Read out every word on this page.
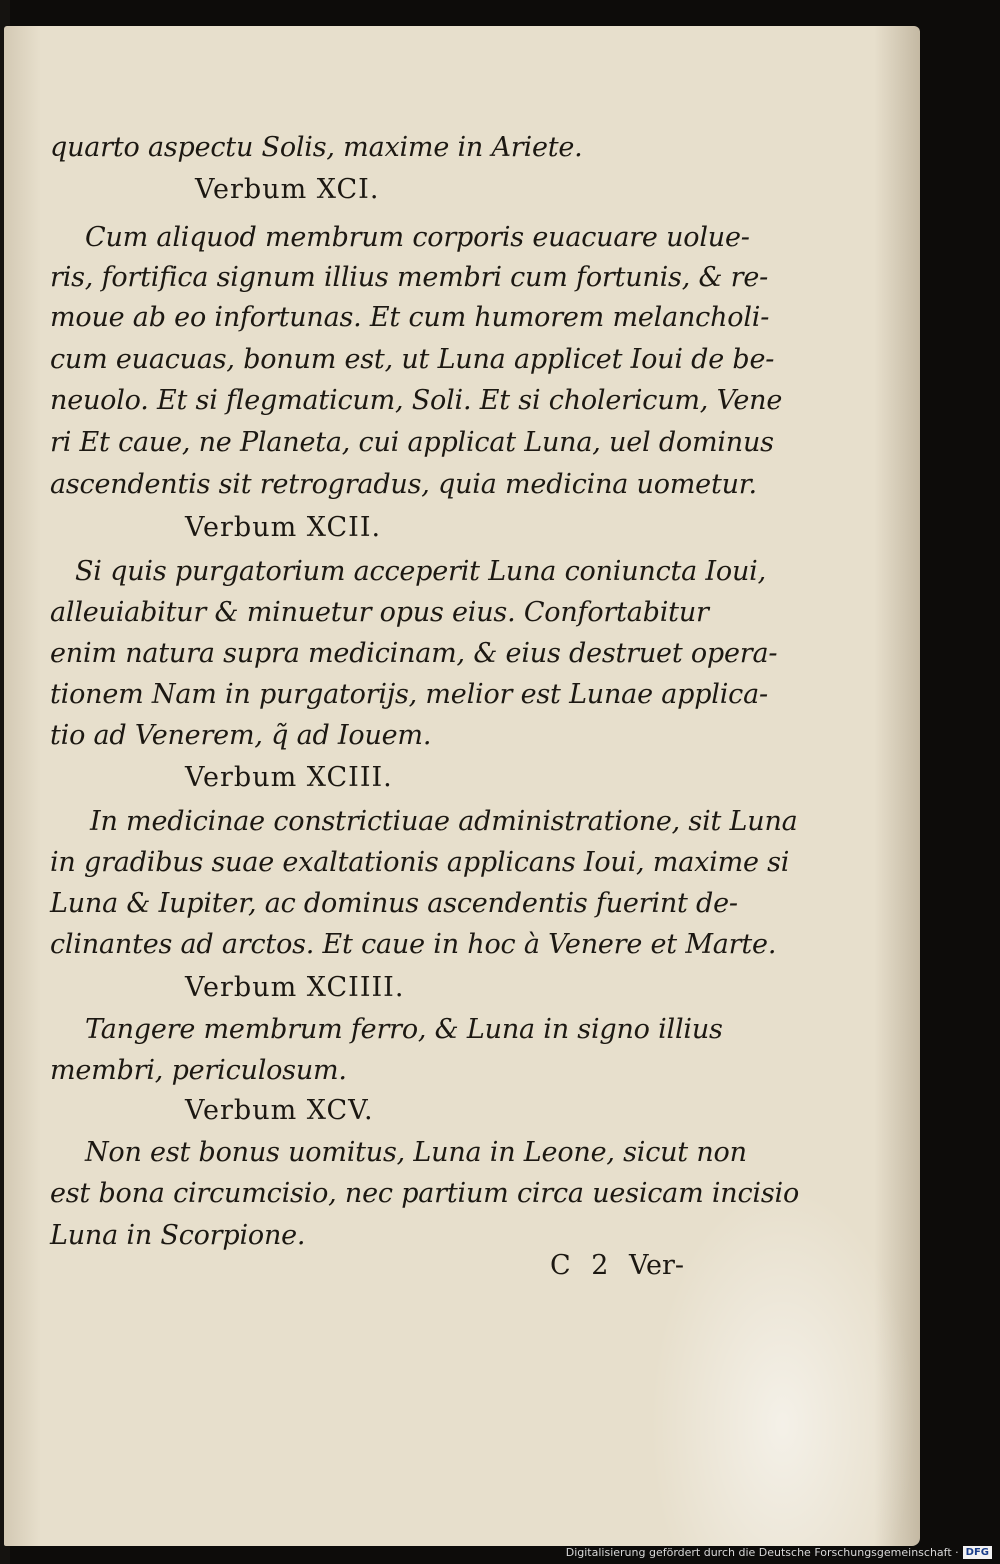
quarto aspectu Solis, maxime in Ariete.
Verbum XCI.
Cum aliquod membrum corporis euacuare uolue-
ris, fortifica signum illius membri cum fortunis, & re-
moue ab eo infortunas. Et cum humorem melancholi-
cum euacuas, bonum est, ut Luna applicet Ioui de be-
neuolo. Et si flegmaticum, Soli. Et si cholericum, Vene
ri Et caue, ne Planeta, cui applicat Luna, uel dominus
ascendentis sit retrogradus, quia medicina uometur.
Verbum XCII.
Si quis purgatorium acceperit Luna coniuncta Ioui,
alleuiabitur & minuetur opus eius. Confortabitur
enim natura supra medicinam, & eius destruet opera-
tionem Nam in purgatorijs, melior est Lunae applica-
tio ad Venerem, q̃ ad Iouem.
Verbum XCIII.
In medicinae constrictiuae administratione, sit Luna
in gradibus suae exaltationis applicans Ioui, maxime si
Luna & Iupiter, ac dominus ascendentis fuerint de-
clinantes ad arctos. Et caue in hoc à Venere et Marte.
Verbum XCIIII.
Tangere membrum ferro, & Luna in signo illius
membri, periculosum.
Verbum XCV.
Non est bonus uomitus, Luna in Leone, sicut non
est bona circumcisio, nec partium circa uesicam incisio
Luna in Scorpione.
C 2 Ver-
Digitalisierung gefördert durch die Deutsche Forschungsgemeinschaft · DFG
